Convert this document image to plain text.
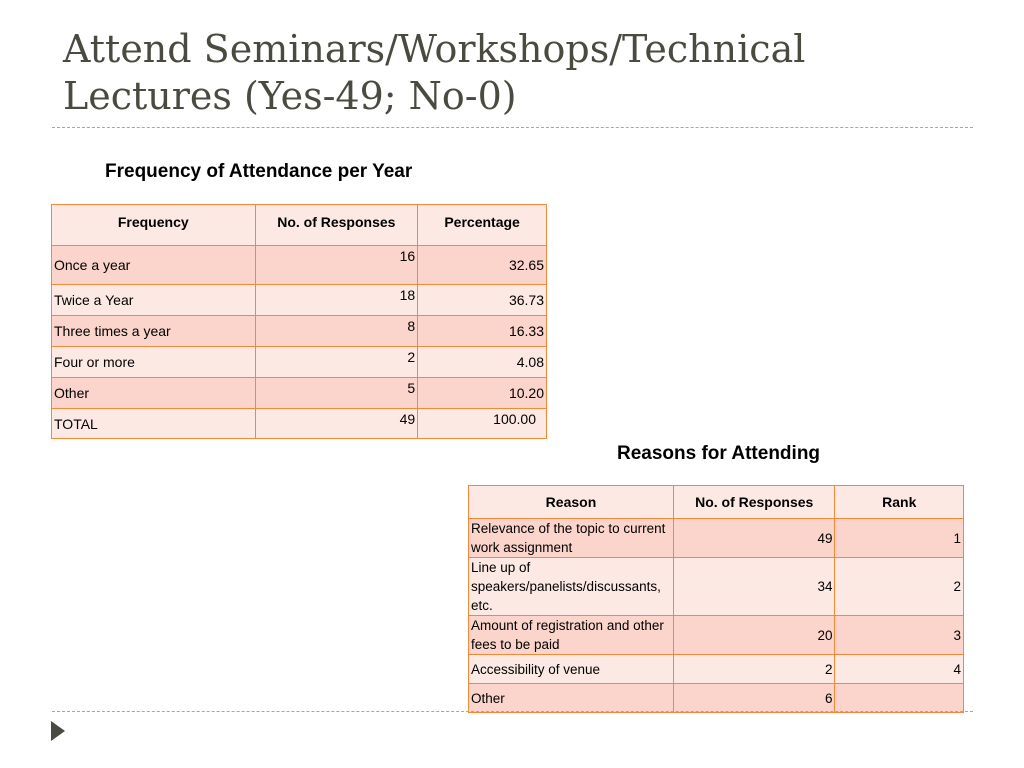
Attend Seminars/Workshops/Technical Lectures (Yes-49; No-0)
Frequency of Attendance per Year
Frequency	No. of Responses	Percentage
Once a year	16	32.65
Twice a Year	18	36.73
Three times a year	8	16.33
Four or more	2	4.08
Other	5	10.20
TOTAL	49	100.00
Reasons for Attending
Reason	No. of Responses	Rank
Relevance of the topic to current work assignment	49	1
Line up of speakers/panelists/discussants, etc.	34	2
Amount of registration and other fees to be paid	20	3
Accessibility of venue	2	4
Other	6	
